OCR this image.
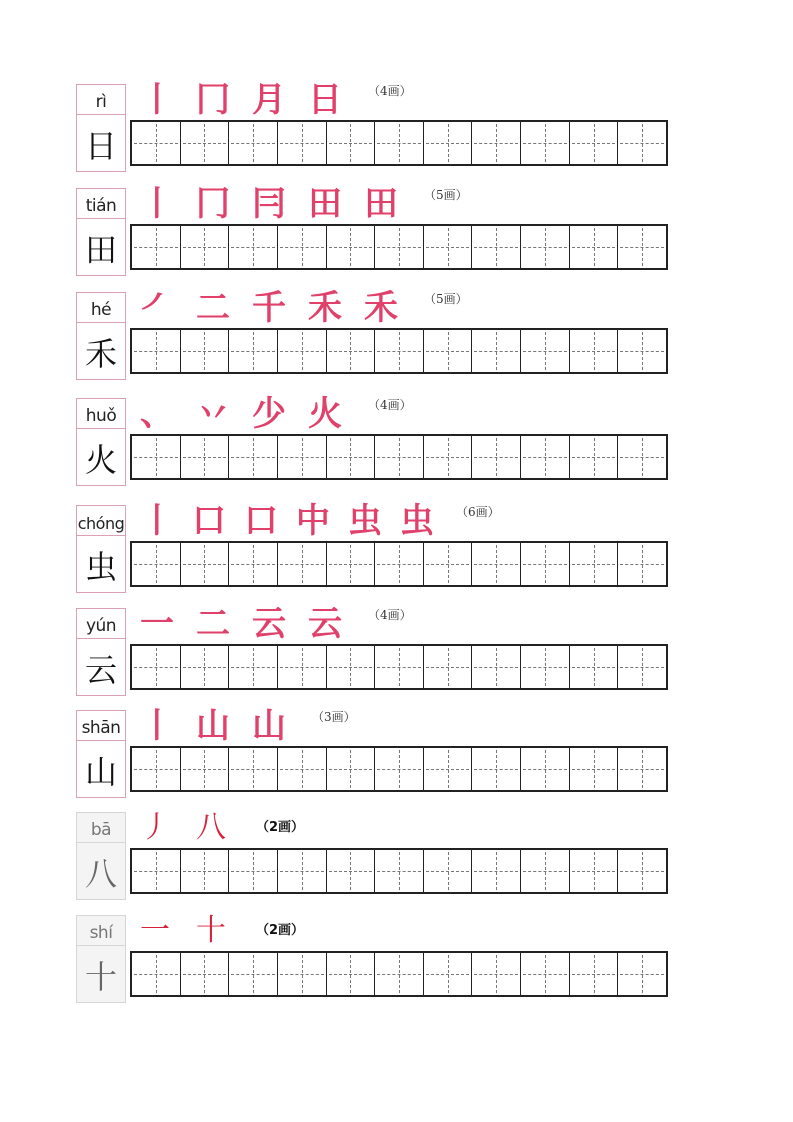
rì
日
丨 冂 月 日 （4画）
tián
田
丨 冂 冃 田 田 （5画）
hé
禾
㇒ 二 千 禾 禾 （5画）
huǒ
火
、 丷 少 火 （4画）
chóng
虫
丨 口 口 中 虫 虫 （6画）
yún
云
一 二 云 云 （4画）
shān
山
丨 山 山 （3画）
bā
八
丿 八 （2画）
shí
十
一 十 （2画）
